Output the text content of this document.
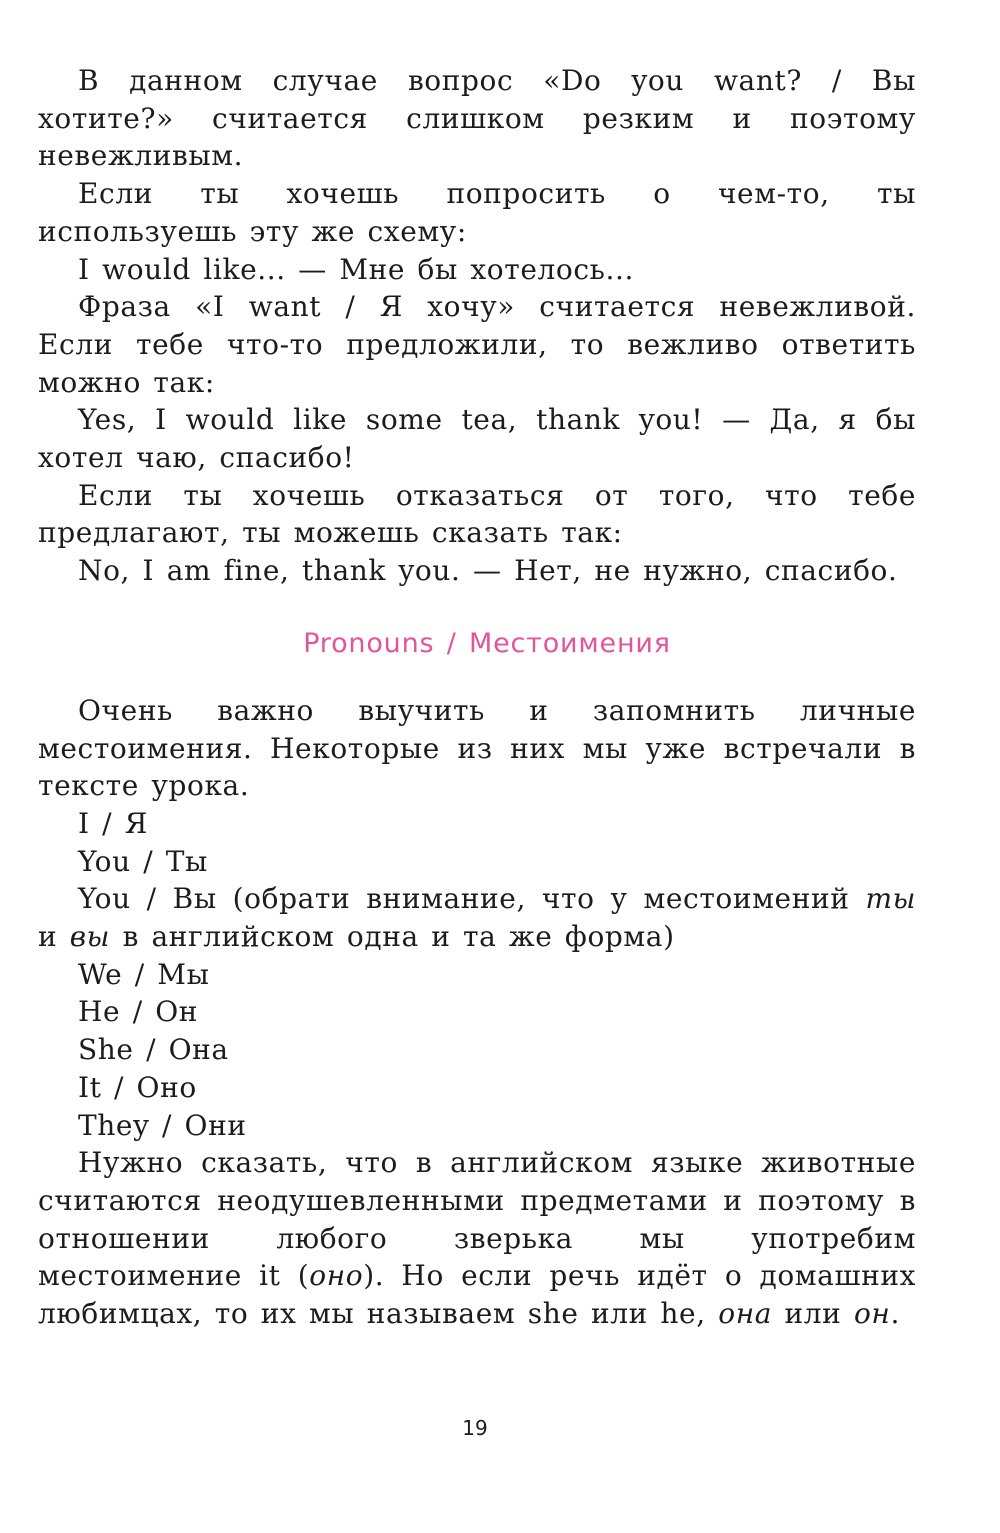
В данном случае вопрос «Do you want? / Вы хотите?» считается слишком резким и поэтому невежливым.

Если ты хочешь попросить о чем-то, ты используешь эту же схему:

I would like... — Мне бы хотелось...

Фраза «I want / Я хочу» считается невежливой. Если тебе что-то предложили, то вежливо ответить можно так:

Yes, I would like some tea, thank you! — Да, я бы хотел чаю, спасибо!

Если ты хочешь отказаться от того, что тебе предлагают, ты можешь сказать так:

No, I am fine, thank you. — Нет, не нужно, спасибо.

Pronouns / Местоимения

Очень важно выучить и запомнить личные местоимения. Некоторые из них мы уже встречали в тексте урока.

I / Я

You / Ты

You / Вы (обрати внимание, что у местоимений ты и вы в английском одна и та же форма)

We / Мы

He / Он

She / Она

It / Оно

They / Они

Нужно сказать, что в английском языке животные считаются неодушевленными предметами и поэтому в отношении любого зверька мы употребим местоимение it (оно). Но если речь идёт о домашних любимцах, то их мы называем she или he, она или он.

19
